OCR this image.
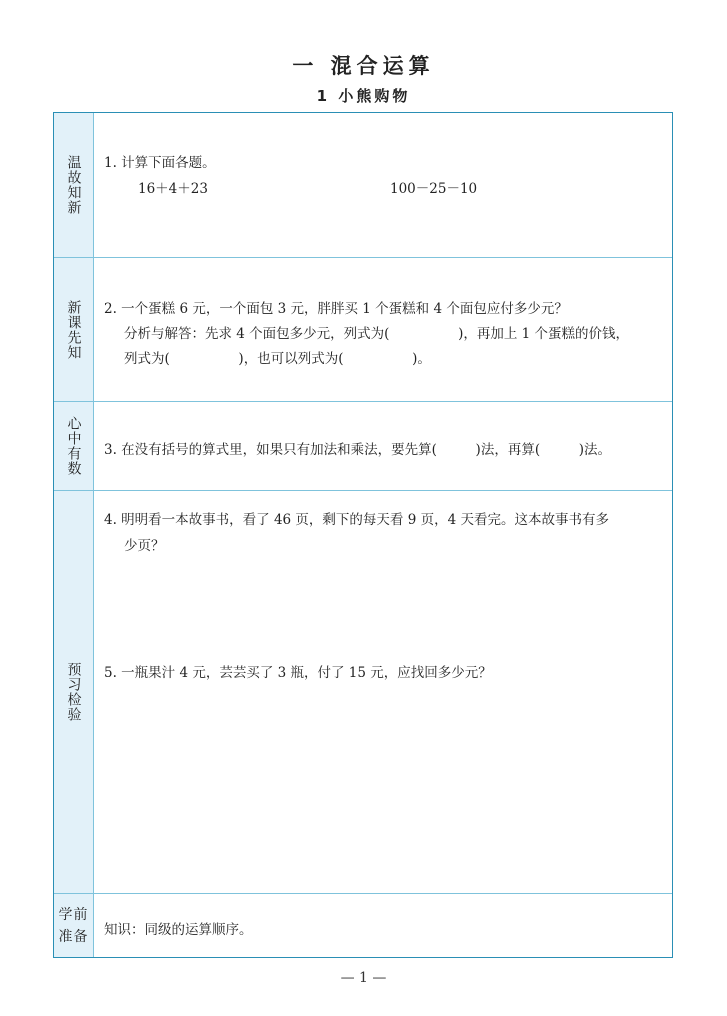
一 混合运算
1 小熊购物
温故知新 1. 计算下面各题。
16＋4＋23	100－25－10
新课先知 2. 一个蛋糕 6 元，一个面包 3 元，胖胖买 1 个蛋糕和 4 个面包应付多少元？
分析与解答：先求 4 个面包多少元，列式为(                )，再加上 1 个蛋糕的价钱，
列式为(                )，也可以列式为(                )。
心中有数 3. 在没有括号的算式里，如果只有加法和乘法，要先算(         )法，再算(         )法。
预习检验
4. 明明看一本故事书，看了 46 页，剩下的每天看 9 页，4 天看完。这本故事书有多
少页？
5. 一瓶果汁 4 元，芸芸买了 3 瓶，付了 15 元，应找回多少元？
学前准备 知识：同级的运算顺序。
— 1 —
